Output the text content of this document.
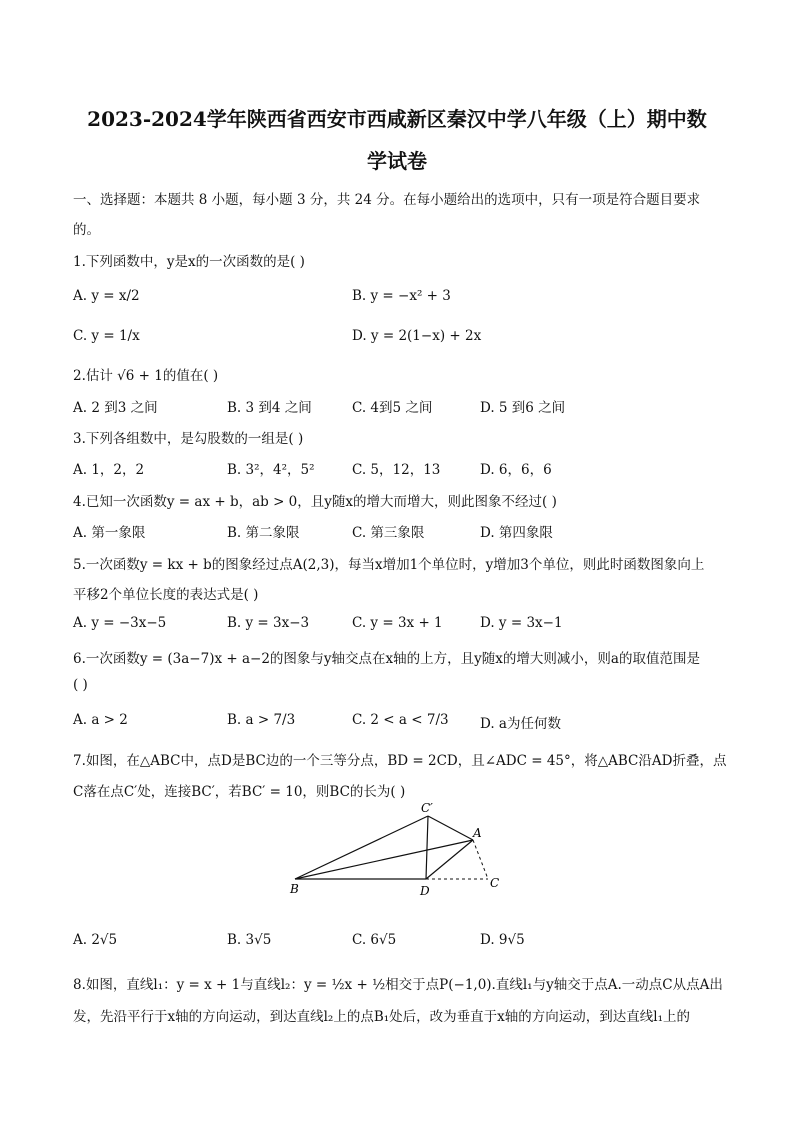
2023-2024学年陕西省西安市西咸新区秦汉中学八年级（上）期中数
学试卷
一、选择题：本题共 8 小题，每小题 3 分，共 24 分。在每小题给出的选项中，只有一项是符合题目要求
的。
1.下列函数中，y是x的一次函数的是( )
A. y = x/2	B. y = −x² + 3
C. y = 1/x	D. y = 2(1−x) + 2x
2.估计 √6 + 1的值在( )
A. 2 到3 之间	B. 3 到4 之间	C. 4到5 之间	D. 5 到6 之间
3.下列各组数中，是勾股数的一组是( )
A. 1，2，2	B. 3²，4²，5²	C. 5，12，13	D. 6，6，6
4.已知一次函数y = ax + b，ab > 0，且y随x的增大而增大，则此图象不经过( )
A. 第一象限	B. 第二象限	C. 第三象限	D. 第四象限
5.一次函数y = kx + b的图象经过点A(2,3)，每当x增加1个单位时，y增加3个单位，则此时函数图象向上
平移2个单位长度的表达式是( )
A. y = −3x−5	B. y = 3x−3	C. y = 3x + 1	D. y = 3x−1
6.一次函数y = (3a−7)x + a−2的图象与y轴交点在x轴的上方，且y随x的增大则减小，则a的取值范围是
( )
A. a > 2	B. a > 7/3	C. 2 < a < 7/3 D. a为任何数
7.如图，在△ABC中，点D是BC边的一个三等分点，BD = 2CD，且∠ADC = 45°，将△ABC沿AD折叠，点
C落在点C′处，连接BC′，若BC′ = 10，则BC的长为( )
B	D
C
A
C′
A. 2√5	B. 3√5	C. 6√5	D. 9√5
8.如图，直线l₁：y = x + 1与直线l₂：y = ½x + ½相交于点P(−1,0).直线l₁与y轴交于点A.一动点C从点A出
发，先沿平行于x轴的方向运动，到达直线l₂上的点B₁处后，改为垂直于x轴的方向运动，到达直线l₁上的
